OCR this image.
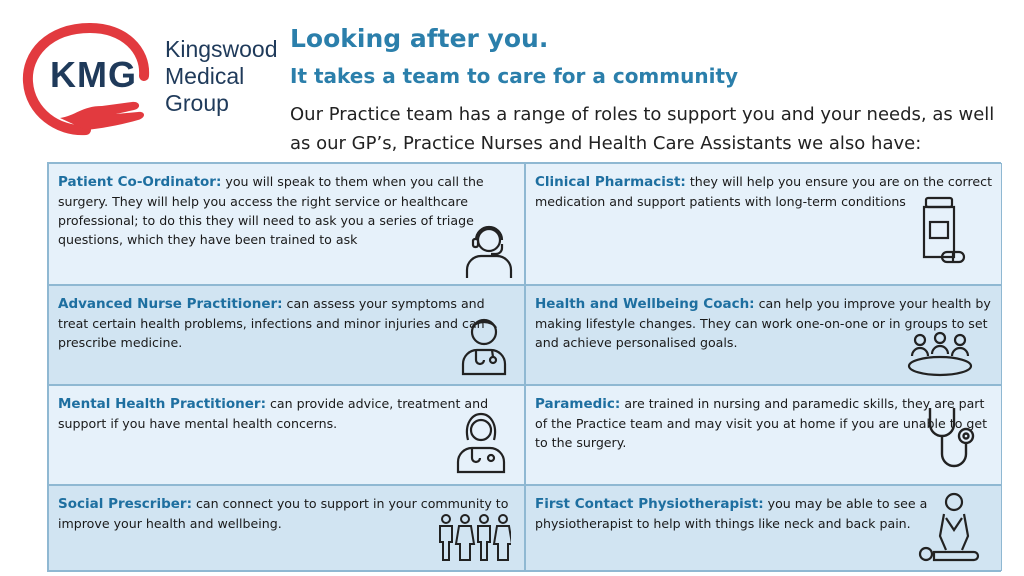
KMG
Kingswood
Medical
Group
Looking after you.
It takes a team to care for a community
Our Practice team has a range of roles to support you and your needs, as well as our GP’s, Practice Nurses and Health Care Assistants we also have:
Patient Co-Ordinator: you will speak to them when you call the surgery. They will help you access the right service or healthcare professional; to do this they will need to ask you a series of triage questions, which they have been trained to ask
Clinical Pharmacist: they will help you ensure you are on the correct medication and support patients with long-term conditions
Advanced Nurse Practitioner: can assess your symptoms and treat certain health problems, infections and minor injuries and can prescribe medicine.
Health and Wellbeing Coach: can help you improve your health by making lifestyle changes. They can work one-on-one or in groups to set and achieve personalised goals.
Mental Health Practitioner: can provide advice, treatment and support if you have mental health concerns.
Paramedic: are trained in nursing and paramedic skills, they are part of the Practice team and may visit you at home if you are unable to get to the surgery.
Social Prescriber: can connect you to support in your community to improve your health and wellbeing.
First Contact Physiotherapist: you may be able to see a physiotherapist to help with things like neck and back pain.
